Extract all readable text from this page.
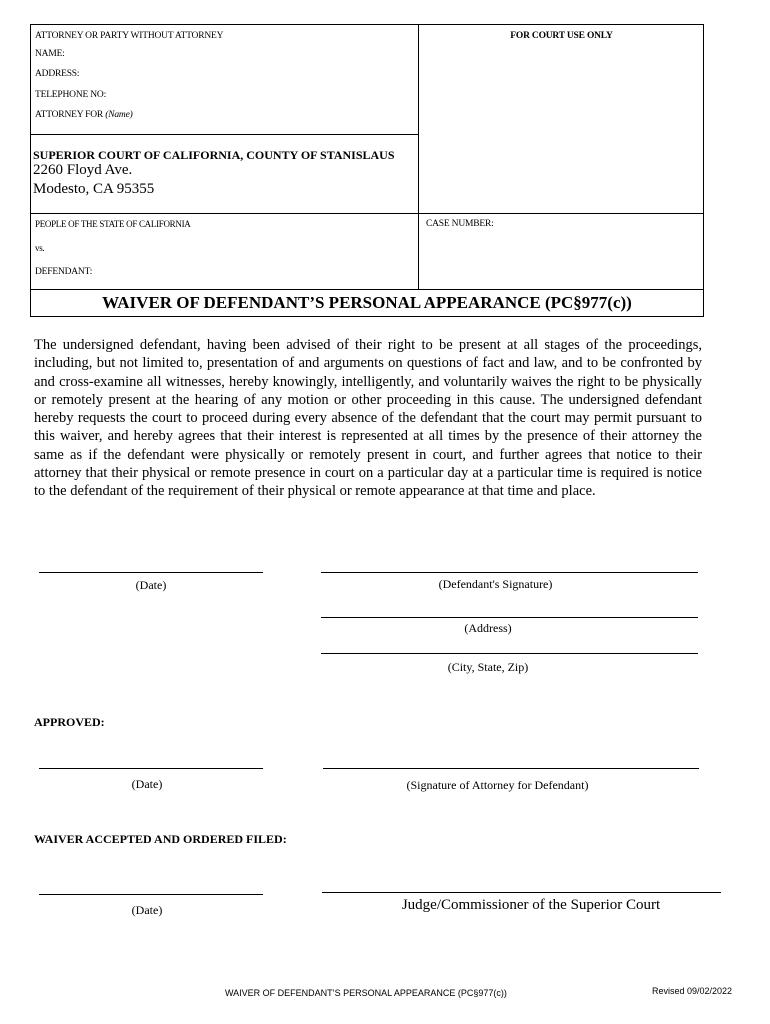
ATTORNEY OR PARTY WITHOUT ATTORNEY
NAME:
ADDRESS:
TELEPHONE NO:
ATTORNEY FOR (Name)
FOR COURT USE ONLY
SUPERIOR COURT OF CALIFORNIA, COUNTY OF STANISLAUS
2260 Floyd Ave.
Modesto, CA 95355
PEOPLE OF THE STATE OF CALIFORNIA
vs.
DEFENDANT:
CASE NUMBER:
WAIVER OF DEFENDANT’S PERSONAL APPEARANCE (PC§977(c))
The undersigned defendant, having been advised of their right to be present at all stages of the proceedings, including, but not limited to, presentation of and arguments on questions of fact and law, and to be confronted by and cross-examine all witnesses, hereby knowingly, intelligently, and voluntarily waives the right to be physically or remotely present at the hearing of any motion or other proceeding in this cause. The undersigned defendant hereby requests the court to proceed during every absence of the defendant that the court may permit pursuant to this waiver, and hereby agrees that their interest is represented at all times by the presence of their attorney the same as if the defendant were physically or remotely present in court, and further agrees that notice to their attorney that their physical or remote presence in court on a particular day at a particular time is required is notice to the defendant of the requirement of their physical or remote appearance at that time and place.
(Date)	(Defendant's Signature)
(Address)
(City, State, Zip)
APPROVED:
(Date)	(Signature of Attorney for Defendant)
WAIVER ACCEPTED AND ORDERED FILED:
(Date)	Judge/Commissioner of the Superior Court
WAIVER OF DEFENDANT’S PERSONAL APPEARANCE (PC§977(c))	Revised 09/02/2022
